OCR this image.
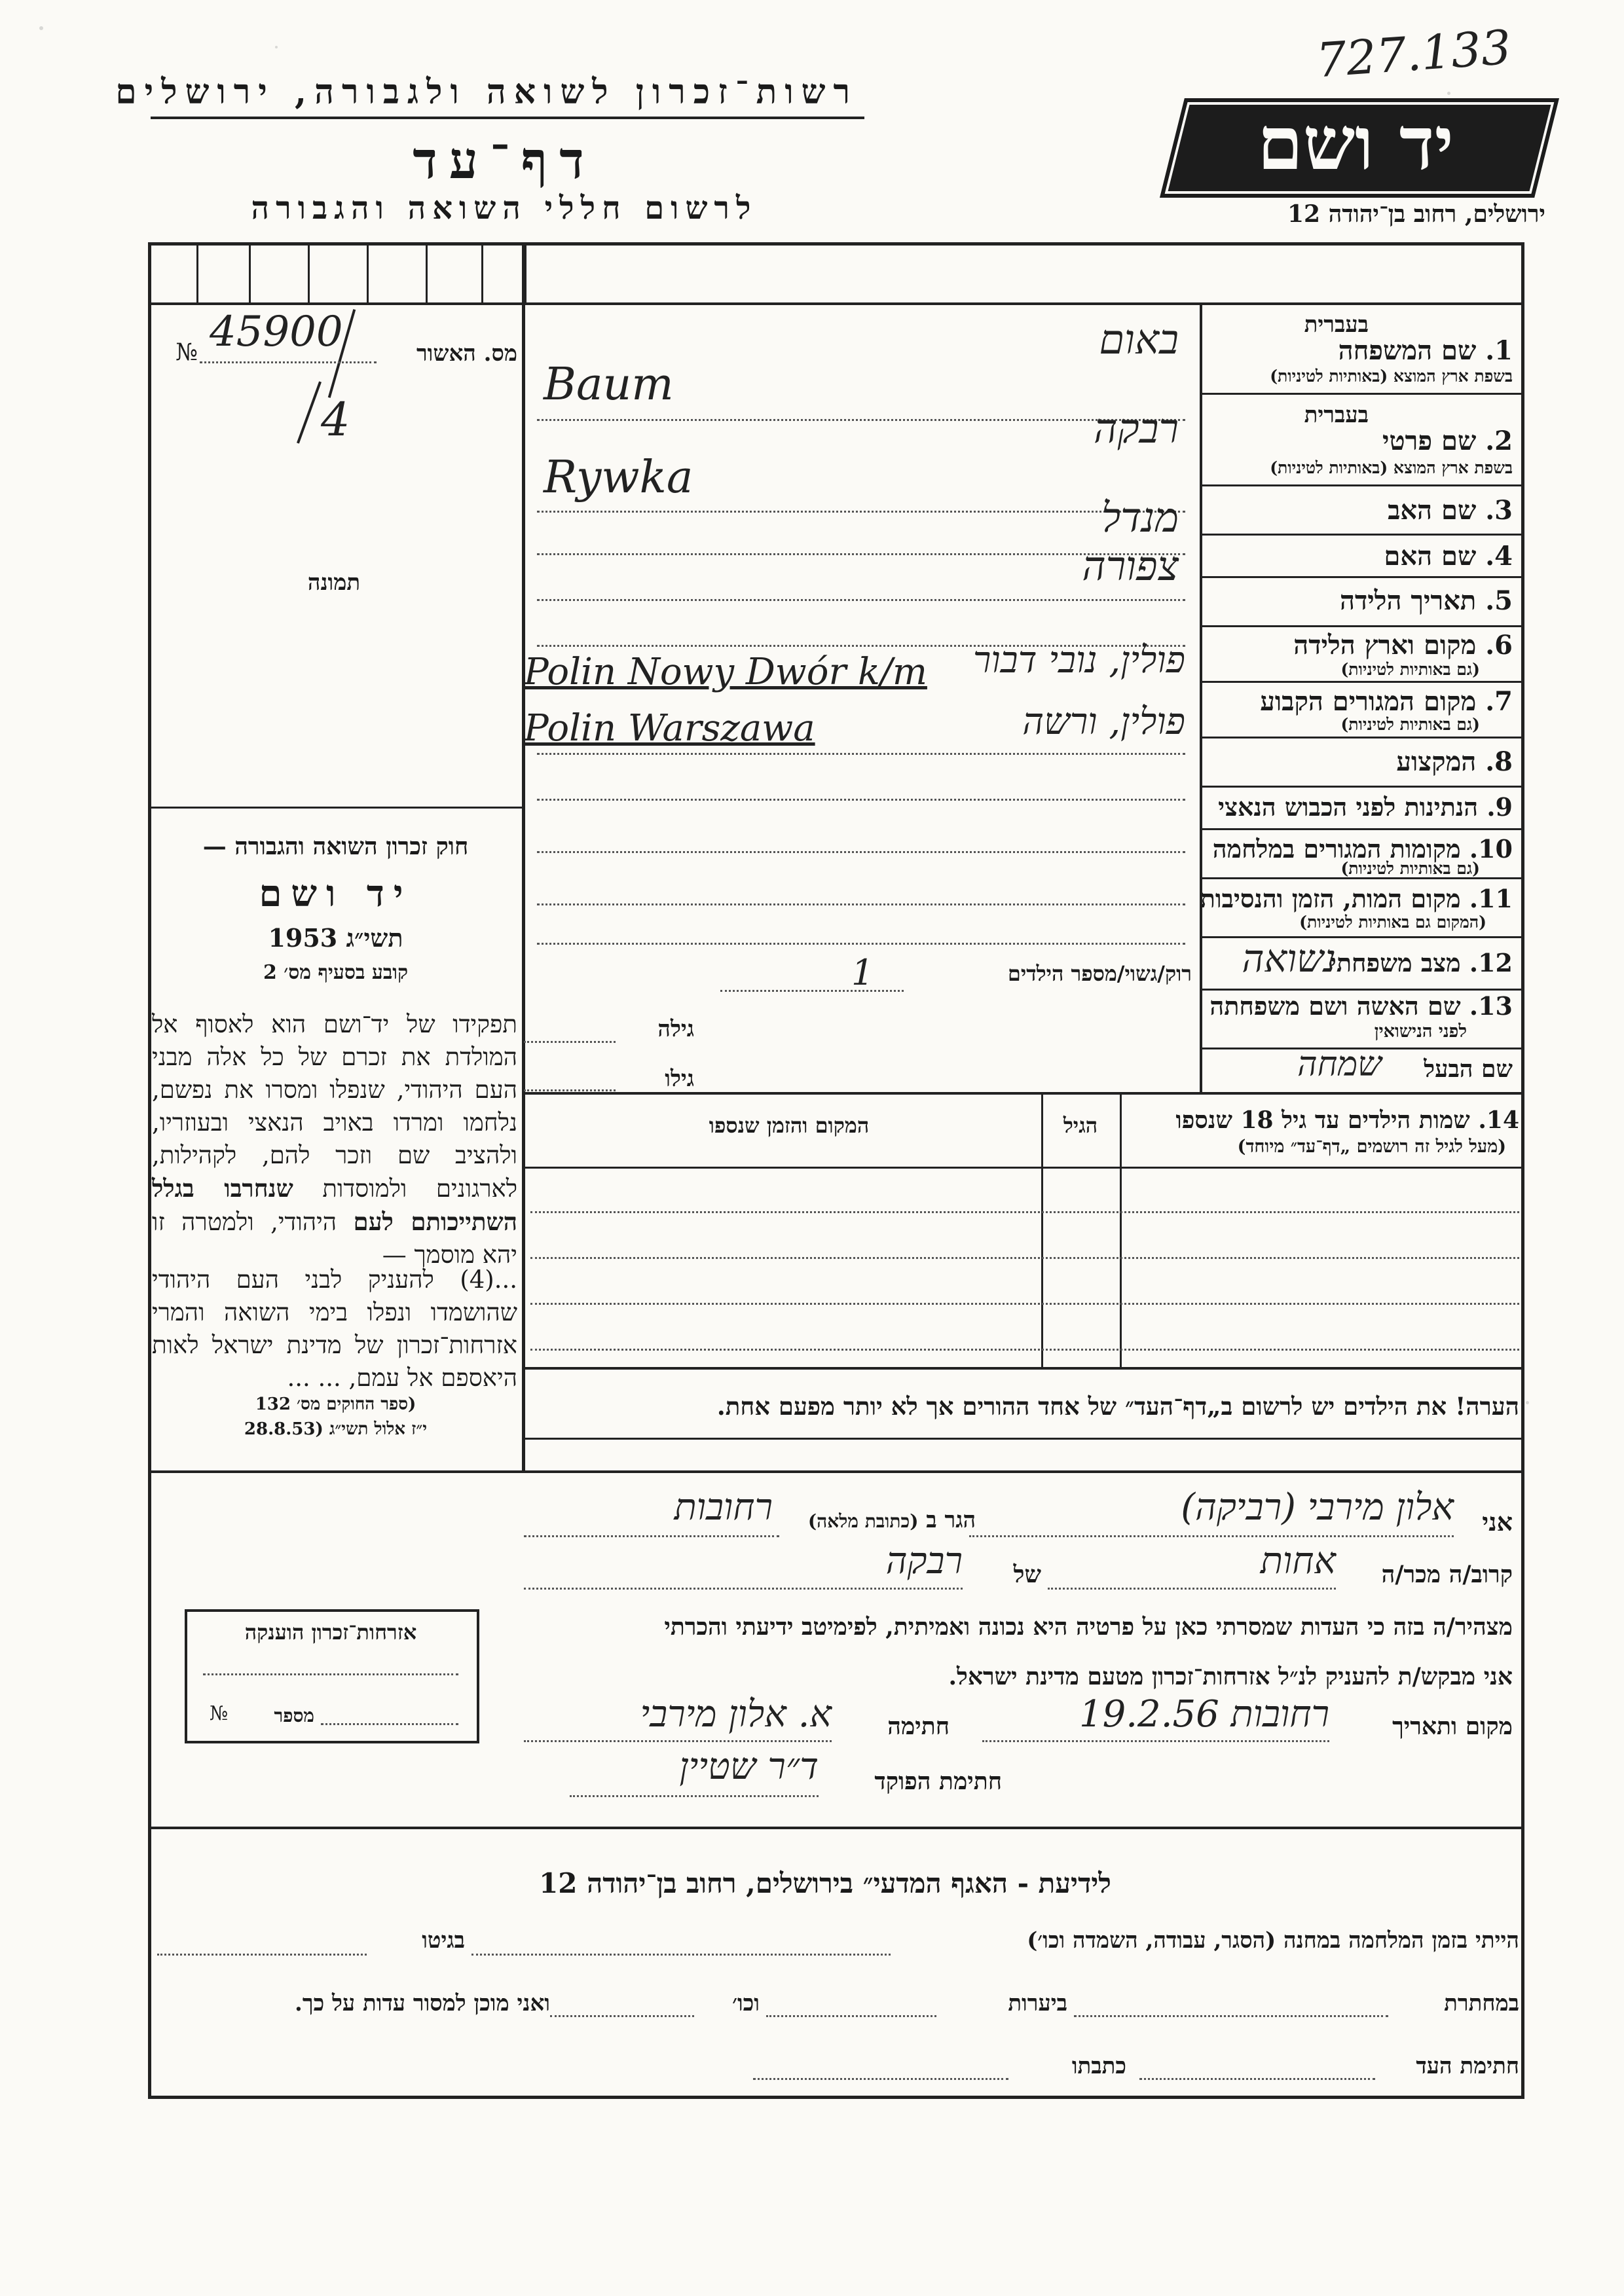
727.133
רשות־זכרון לשואה ולגבורה, ירושלים
דף־עד
לרשום חללי השואה והגבורה
יד ושם
ירושלים, רחוב בן־יהודה 12
מס. האשור
№ 45900
4
תמונה
חוק זכרון השואה והגבורה —
יד ושם
תשי״ג 1953
קובע בסעיף מס׳ 2
תפקידו של יד־ושם הוא לאסוף אל המולדת את זכרם של כל אלה מבני העם היהודי, שנפלו ומסרו את נפשם, נלחמו ומרדו באויב הנאצי ובעוזריו, ולהציב שם וזכר להם, לקהילות, לארגונים ולמוסדות שנחרבו בגלל השתייכותם לעם היהודי, ולמטרה זו יהא מוסמך —
...(4) להעניק לבני העם היהודי שהושמדו ונפלו בימי השואה והמרי אזרחות־זכרון של מדינת ישראל לאות היאספם אל עמם, ... ...
(ספר החוקים מס׳ 132
י״ז אלול תשי״ג (28.8.53
בעברית
1. שם המשפחה
בשפת ארץ המוצא (באותיות לטיניות)
בעברית
2. שם פרטי
בשפת ארץ המוצא (באותיות לטיניות)
3. שם האב
4. שם האם
5. תאריך הלידה
6. מקום וארץ הלידה
(גם באותיות לטיניות)
7. מקום המגורים הקבוע
(גם באותיות לטיניות)
8. המקצוע
9. הנתינות לפני הכבוש הנאצי
10. מקומות המגורים במלחמה
(גם באותיות לטיניות)
11. מקום המות, הזמן והנסיבות
(המקום גם באותיות לטיניות)
12. מצב משפחתי
נשואה
13. שם האשה ושם משפחתה
לפני הנישואין
שם הבעל
שמחה
באום
Baum
רבקה
Rywka
מנדל
צפורה
פולין, נובי דבור
Polin Nowy Dwór k/m
פולין, ורשה
Polin Warszawa
רוק/גשוי/מספר הילדים
1
גילה
גילו
14. שמות הילדים עד גיל 18 שנספו
(מעל לגיל זה רושמים „דף־עד״ מיוחד)
הגיל
המקום והזמן שנספו
הערה! את הילדים יש לרשום ב„דף־העד״ של אחד ההורים אך לא יותר מפעם אחת.
אני
אלון מירבי (רביקה)
הגר ב (כתובת מלאה)
רחובות
קרוב/ה מכר/ה
אחות
של
רבקה
מצהיר/ה בזה כי העדות שמסרתי כאן על פרטיה היא נכונה ואמיתית, לפימיטב ידיעתי והכרתי
אני מבקש/ת להעניק לנ״ל אזרחות־זכרון מטעם מדינת ישראל.
מקום ותאריך
רחובות 19.2.56
חתימה
א. אלון מירבי
חתימת הפוקד
ד״ר שטיין
אזרחות־זכרון הוענקה
מספר
№
לידיעת - האגף המדעי״ בירושלים, רחוב בן־יהודה 12
הייתי בזמן המלחמה במחנה (הסגר, עבודה, השמדה וכו׳)
בגיטו
במחתרת
ביערות
וכו׳
ואני מוכן למסור עדות על כך.
חתימת העד
כתבתו
